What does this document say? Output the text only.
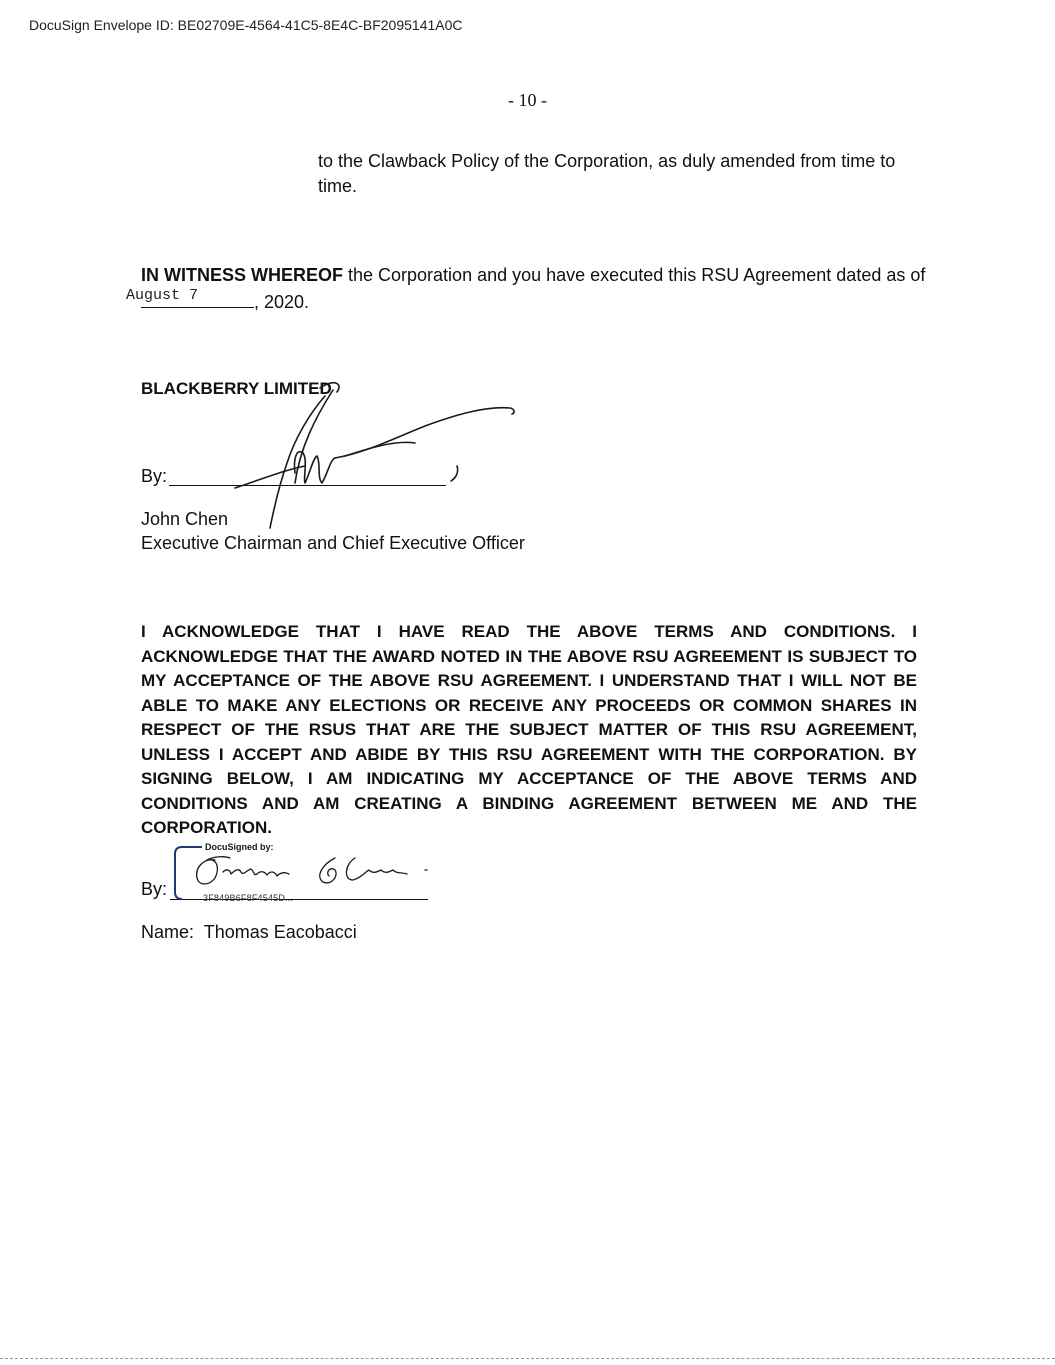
DocuSign Envelope ID: BE02709E-4564-41C5-8E4C-BF2095141A0C
- 10 -
to the Clawback Policy of the Corporation, as duly amended from time to time.
IN WITNESS WHEREOF the Corporation and you have executed this RSU Agreement dated as of
, 2020.
August 7
BLACKBERRY LIMITED
By:
John Chen
Executive Chairman and Chief Executive Officer
I ACKNOWLEDGE THAT I HAVE READ THE ABOVE TERMS AND CONDITIONS. I ACKNOWLEDGE THAT THE AWARD NOTED IN THE ABOVE RSU AGREEMENT IS SUBJECT TO MY ACCEPTANCE OF THE ABOVE RSU AGREEMENT. I UNDERSTAND THAT I WILL NOT BE ABLE TO MAKE ANY ELECTIONS OR RECEIVE ANY PROCEEDS OR COMMON SHARES IN RESPECT OF THE RSUS THAT ARE THE SUBJECT MATTER OF THIS RSU AGREEMENT, UNLESS I ACCEPT AND ABIDE BY THIS RSU AGREEMENT WITH THE CORPORATION. BY SIGNING BELOW, I AM INDICATING MY ACCEPTANCE OF THE ABOVE TERMS AND CONDITIONS AND AM CREATING A BINDING AGREEMENT BETWEEN ME AND THE CORPORATION.
By:
DocuSigned by:
3F849B6F8F4545D...
Name: Thomas Eacobacci
